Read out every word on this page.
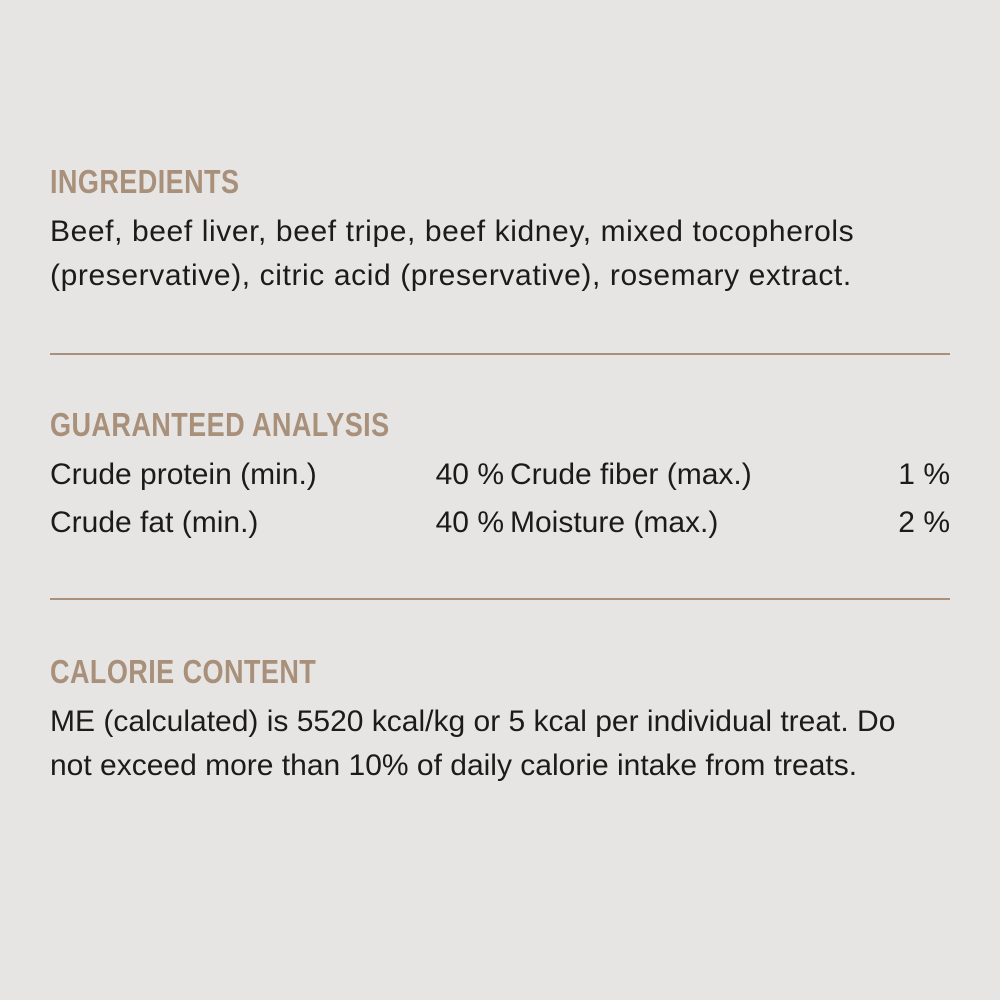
INGREDIENTS

Beef, beef liver, beef tripe, beef kidney, mixed tocopherols (preservative), citric acid (preservative), rosemary extract.

GUARANTEED ANALYSIS
Crude protein (min.)	40 % Crude fiber (max.)	1 %
Crude fat (min.)	40 % Moisture (max.)	2 %
CALORIE CONTENT

ME (calculated) is 5520 kcal/kg or 5 kcal per individual treat. Do not exceed more than 10% of daily calorie intake from treats.
